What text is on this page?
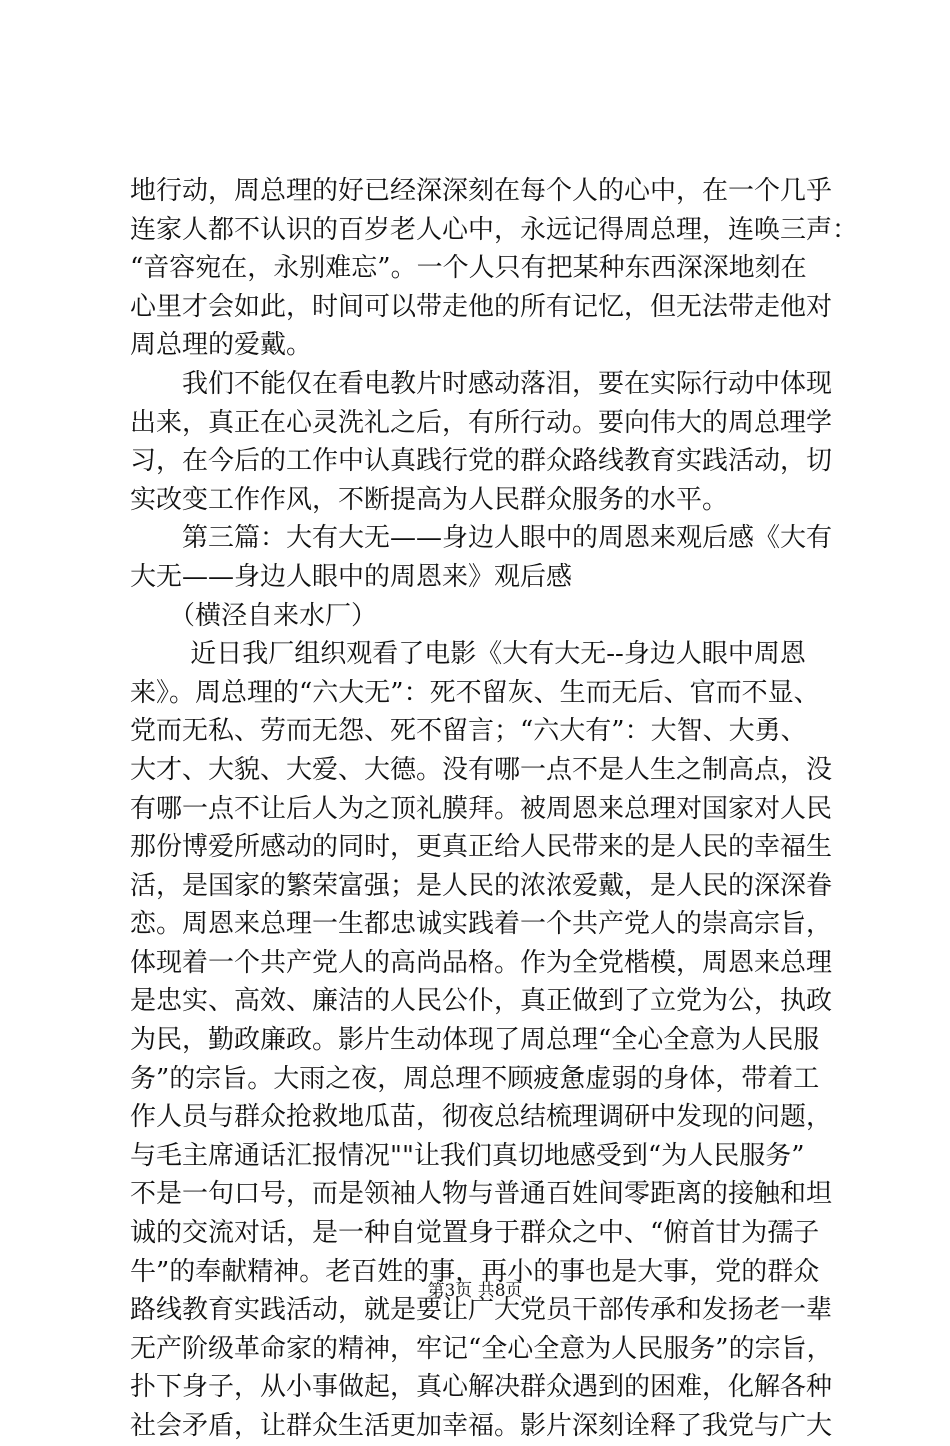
地行动，周总理的好已经深深刻在每个人的心中，在一个几乎
连家人都不认识的百岁老人心中，永远记得周总理，连唤三声：
“音容宛在，永别难忘”。一个人只有把某种东西深深地刻在
心里才会如此，时间可以带走他的所有记忆，但无法带走他对
周总理的爱戴。
　　我们不能仅在看电教片时感动落泪，要在实际行动中体现
出来，真正在心灵洗礼之后，有所行动。要向伟大的周总理学
习，在今后的工作中认真践行党的群众路线教育实践活动，切
实改变工作作风，不断提高为人民群众服务的水平。
　　第三篇：大有大无——身边人眼中的周恩来观后感《大有
大无——身边人眼中的周恩来》观后感
　　（横泾自来水厂）
　　 近日我厂组织观看了电影《大有大无--身边人眼中周恩
来》。周总理的“六大无”：死不留灰、生而无后、官而不显、
党而无私、劳而无怨、死不留言；“六大有”：大智、大勇、
大才、大貌、大爱、大德。没有哪一点不是人生之制高点，没
有哪一点不让后人为之顶礼膜拜。被周恩来总理对国家对人民
那份博爱所感动的同时，更真正给人民带来的是人民的幸福生
活，是国家的繁荣富强；是人民的浓浓爱戴，是人民的深深眷
恋。周恩来总理一生都忠诚实践着一个共产党人的崇高宗旨，
体现着一个共产党人的高尚品格。作为全党楷模，周恩来总理
是忠实、高效、廉洁的人民公仆，真正做到了立党为公，执政
为民，勤政廉政。影片生动体现了周总理“全心全意为人民服
务”的宗旨。大雨之夜，周总理不顾疲惫虚弱的身体，带着工
作人员与群众抢救地瓜苗，彻夜总结梳理调研中发现的问题，
与毛主席通话汇报情况""让我们真切地感受到“为人民服务”
不是一句口号，而是领袖人物与普通百姓间零距离的接触和坦
诚的交流对话，是一种自觉置身于群众之中、“俯首甘为孺子
牛”的奉献精神。老百姓的事，再小的事也是大事，党的群众
路线教育实践活动，就是要让广大党员干部传承和发扬老一辈
无产阶级革命家的精神，牢记“全心全意为人民服务”的宗旨，
扑下身子，从小事做起，真心解决群众遇到的困难，化解各种
社会矛盾，让群众生活更加幸福。影片深刻诠释了我党与广大
第3页 共8页
